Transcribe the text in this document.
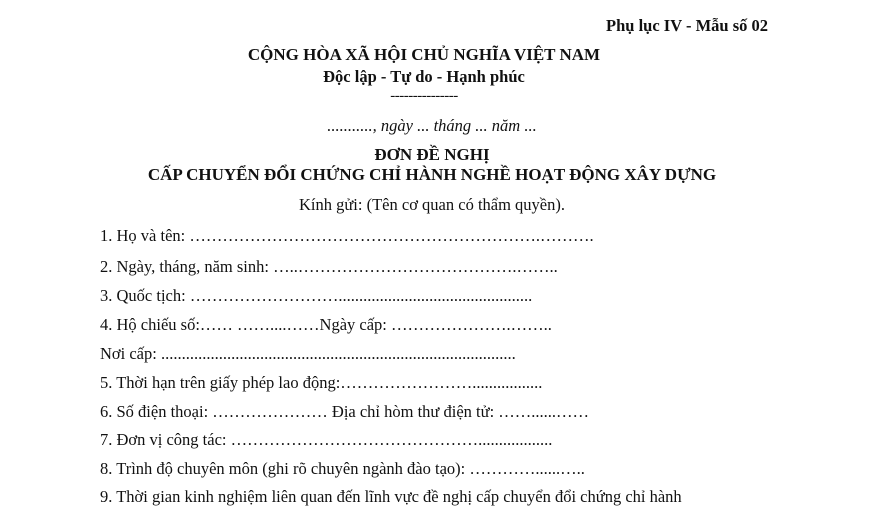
Phụ lục IV - Mẫu số 02
CỘNG HÒA XÃ HỘI CHỦ NGHĨA VIỆT NAM
Độc lập - Tự do - Hạnh phúc
---------------
..........., ngày ... tháng ... năm ...
ĐƠN ĐỀ NGHỊ
CẤP CHUYỂN ĐỔI CHỨNG CHỈ HÀNH NGHỀ HOẠT ĐỘNG XÂY DỰNG
Kính gửi: (Tên cơ quan có thẩm quyền).
1. Họ và tên: ……………………………………………………….……….
2. Ngày, tháng, năm sinh: …..………………………………….……..
3. Quốc tịch: ………………………...............................................
4. Hộ chiếu số:…… ……....……Ngày cấp: ………………….……..
Nơi cấp: ......................................................................................
5. Thời hạn trên giấy phép lao động:…………………….................
6. Số điện thoại: ………………… Địa chỉ hòm thư điện tử: ……......……
7. Đơn vị công tác: ………………………………………..................
8. Trình độ chuyên môn (ghi rõ chuyên ngành đào tạo): …………......…..
9. Thời gian kinh nghiệm liên quan đến lĩnh vực đề nghị cấp chuyển đổi chứng chỉ hành
